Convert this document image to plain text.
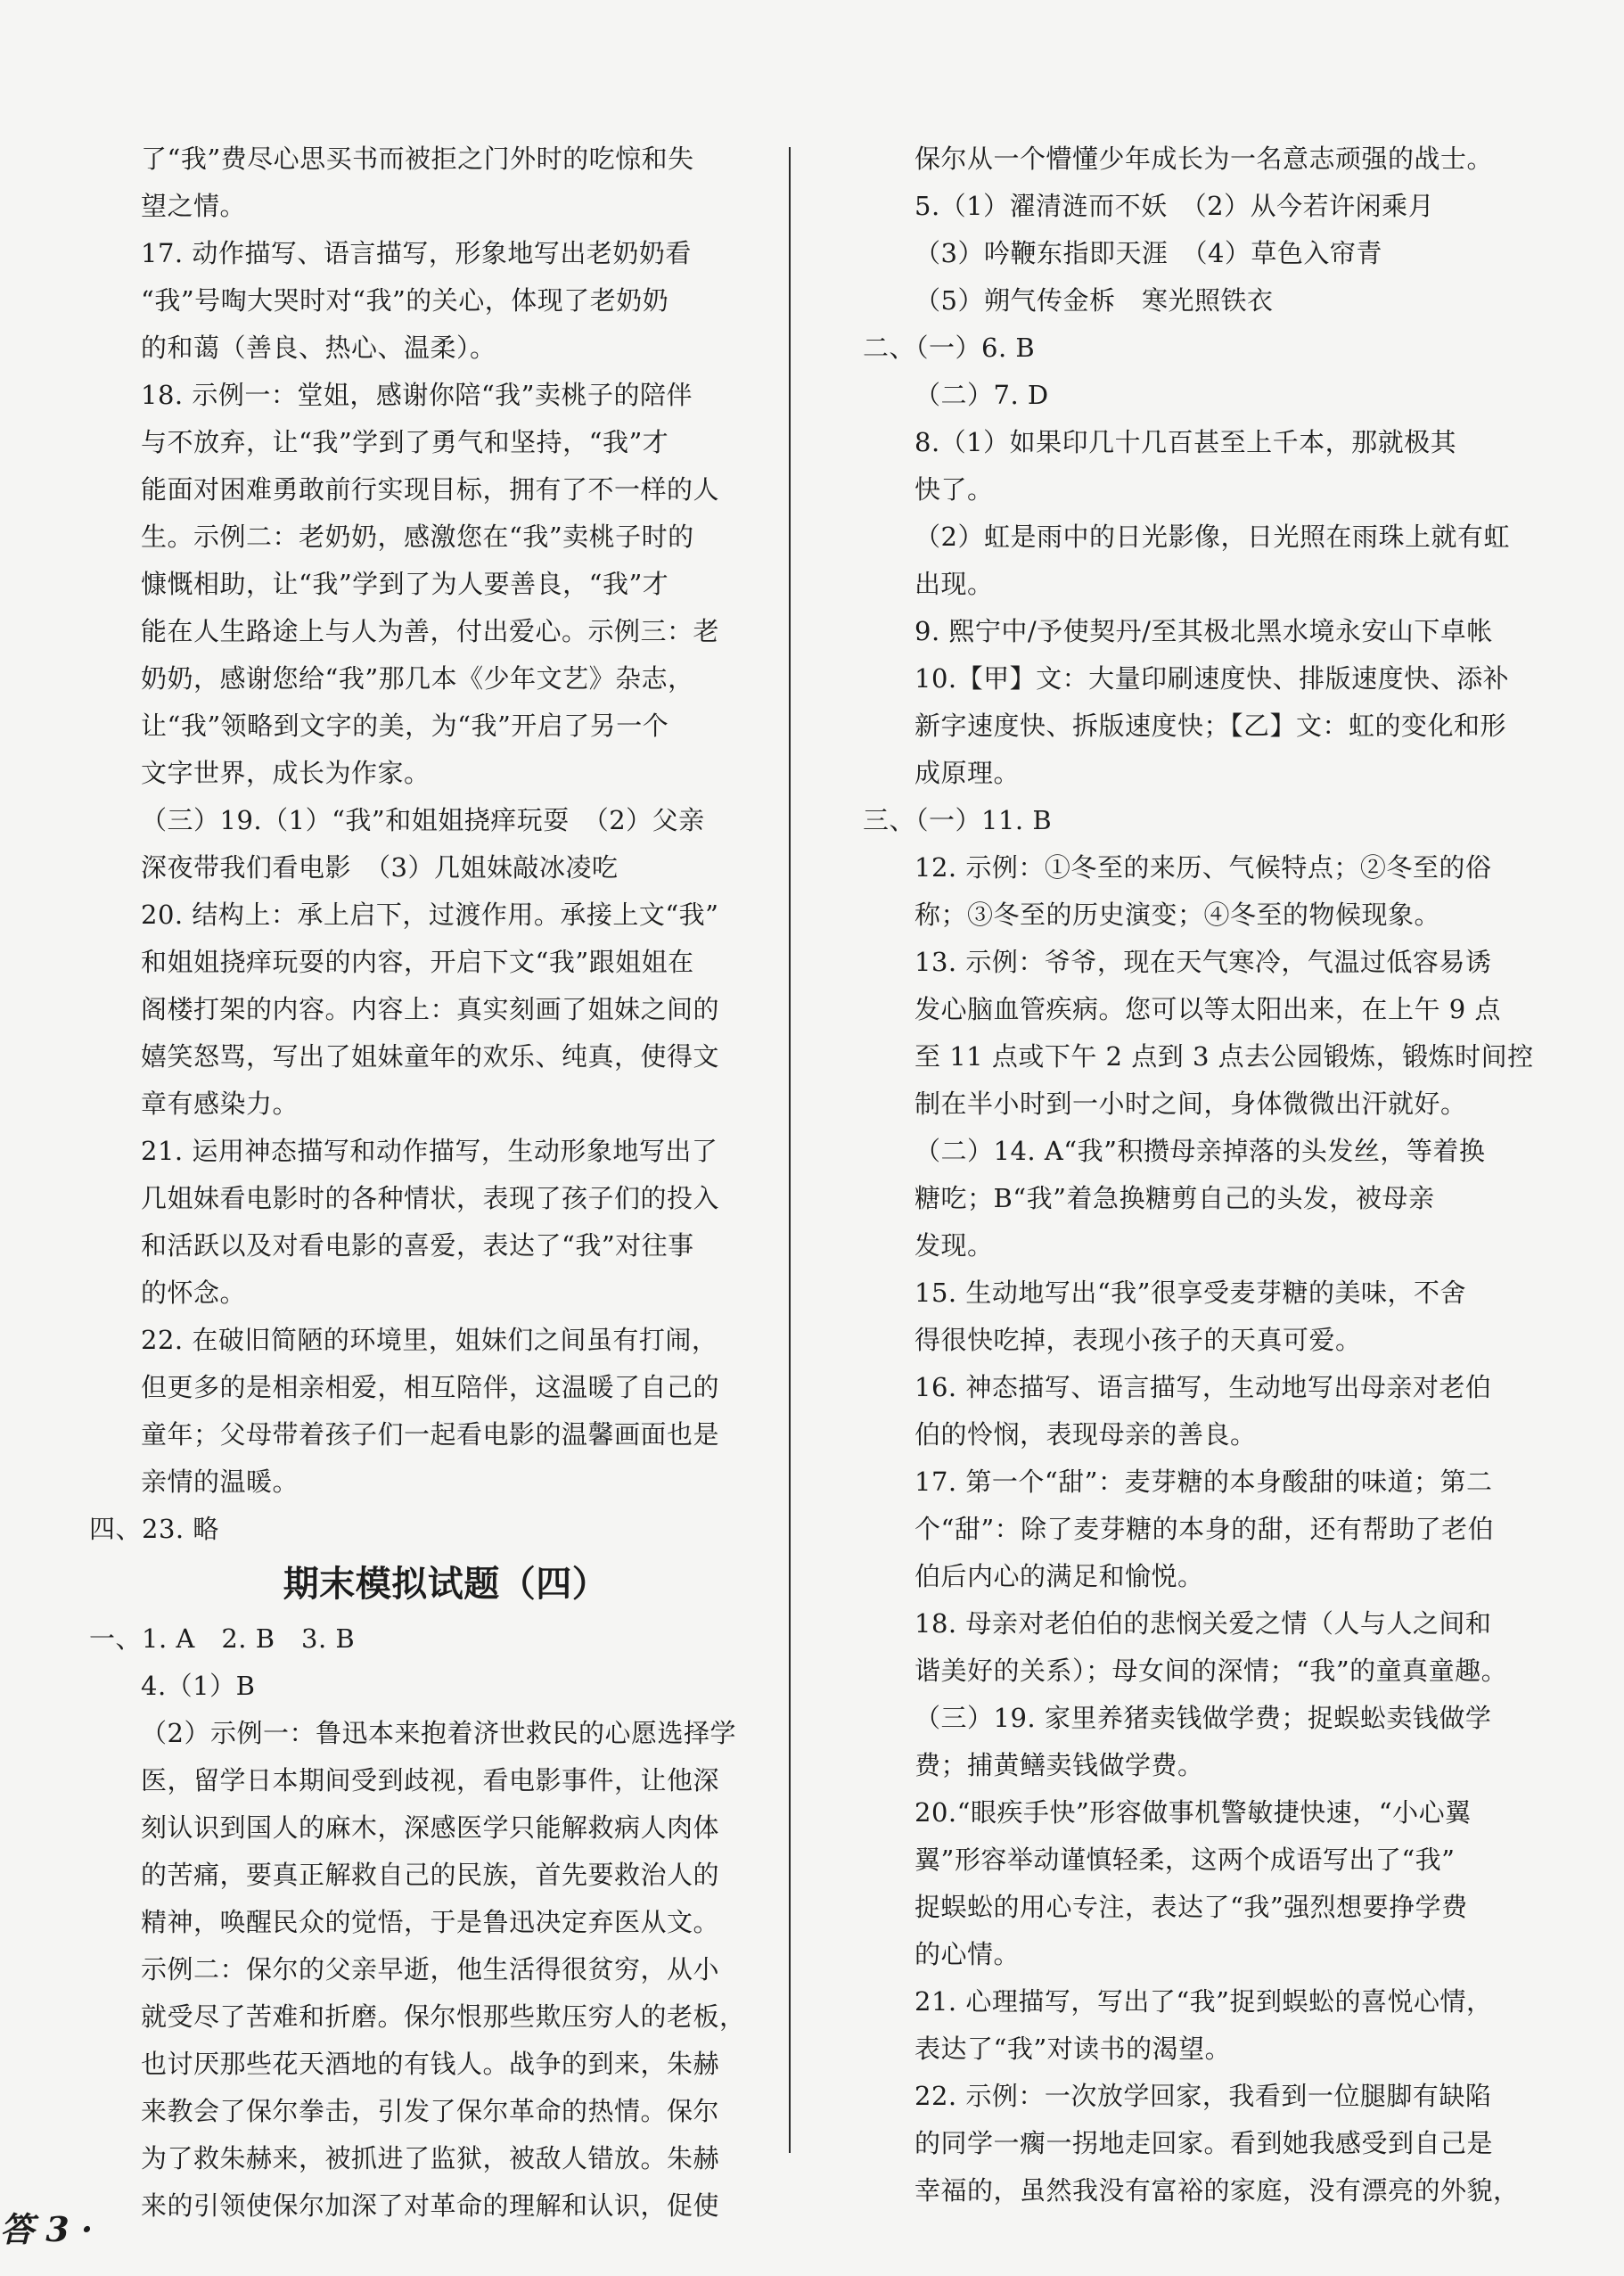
了“我”费尽心思买书而被拒之门外时的吃惊和失
望之情。
17. 动作描写、语言描写，形象地写出老奶奶看
“我”号啕大哭时对“我”的关心，体现了老奶奶
的和蔼（善良、热心、温柔）。
18. 示例一：堂姐，感谢你陪“我”卖桃子的陪伴
与不放弃，让“我”学到了勇气和坚持，“我”才
能面对困难勇敢前行实现目标，拥有了不一样的人
生。示例二：老奶奶，感激您在“我”卖桃子时的
慷慨相助，让“我”学到了为人要善良，“我”才
能在人生路途上与人为善，付出爱心。示例三：老
奶奶，感谢您给“我”那几本《少年文艺》杂志，
让“我”领略到文字的美，为“我”开启了另一个
文字世界，成长为作家。
（三）19.（1）“我”和姐姐挠痒玩耍　（2）父亲
深夜带我们看电影　（3）几姐妹敲冰凌吃
20. 结构上：承上启下，过渡作用。承接上文“我”
和姐姐挠痒玩耍的内容，开启下文“我”跟姐姐在
阁楼打架的内容。内容上：真实刻画了姐妹之间的
嬉笑怒骂，写出了姐妹童年的欢乐、纯真，使得文
章有感染力。
21. 运用神态描写和动作描写，生动形象地写出了
几姐妹看电影时的各种情状，表现了孩子们的投入
和活跃以及对看电影的喜爱，表达了“我”对往事
的怀念。
22. 在破旧简陋的环境里，姐妹们之间虽有打闹，
但更多的是相亲相爱，相互陪伴，这温暖了自己的
童年；父母带着孩子们一起看电影的温馨画面也是
亲情的温暖。
四、23. 略
期末模拟试题（四）
一、1. A　2. B　3. B
4.（1）B
（2）示例一：鲁迅本来抱着济世救民的心愿选择学
医，留学日本期间受到歧视，看电影事件，让他深
刻认识到国人的麻木，深感医学只能解救病人肉体
的苦痛，要真正解救自己的民族，首先要救治人的
精神，唤醒民众的觉悟，于是鲁迅决定弃医从文。
示例二：保尔的父亲早逝，他生活得很贫穷，从小
就受尽了苦难和折磨。保尔恨那些欺压穷人的老板，
也讨厌那些花天酒地的有钱人。战争的到来，朱赫
来教会了保尔拳击，引发了保尔革命的热情。保尔
为了救朱赫来，被抓进了监狱，被敌人错放。朱赫
来的引领使保尔加深了对革命的理解和认识，促使
保尔从一个懵懂少年成长为一名意志顽强的战士。
5.（1）濯清涟而不妖　（2）从今若许闲乘月
（3）吟鞭东指即天涯　（4）草色入帘青
（5）朔气传金柝　寒光照铁衣
二、（一）6. B
（二）7. D
8.（1）如果印几十几百甚至上千本，那就极其
快了。
（2）虹是雨中的日光影像，日光照在雨珠上就有虹
出现。
9. 熙宁中/予使契丹/至其极北黑水境永安山下卓帐
10.【甲】文：大量印刷速度快、排版速度快、添补
新字速度快、拆版速度快；【乙】文：虹的变化和形
成原理。
三、（一）11. B
12. 示例：①冬至的来历、气候特点；②冬至的俗
称；③冬至的历史演变；④冬至的物候现象。
13. 示例：爷爷，现在天气寒冷，气温过低容易诱
发心脑血管疾病。您可以等太阳出来，在上午 9 点
至 11 点或下午 2 点到 3 点去公园锻炼，锻炼时间控
制在半小时到一小时之间，身体微微出汗就好。
（二）14. A“我”积攒母亲掉落的头发丝，等着换
糖吃；B“我”着急换糖剪自己的头发，被母亲
发现。
15. 生动地写出“我”很享受麦芽糖的美味，不舍
得很快吃掉，表现小孩子的天真可爱。
16. 神态描写、语言描写，生动地写出母亲对老伯
伯的怜悯，表现母亲的善良。
17. 第一个“甜”：麦芽糖的本身酸甜的味道；第二
个“甜”：除了麦芽糖的本身的甜，还有帮助了老伯
伯后内心的满足和愉悦。
18. 母亲对老伯伯的悲悯关爱之情（人与人之间和
谐美好的关系）；母女间的深情；“我”的童真童趣。
（三）19. 家里养猪卖钱做学费；捉蜈蚣卖钱做学
费；捕黄鳝卖钱做学费。
20.“眼疾手快”形容做事机警敏捷快速，“小心翼
翼”形容举动谨慎轻柔，这两个成语写出了“我”
捉蜈蚣的用心专注，表达了“我”强烈想要挣学费
的心情。
21. 心理描写，写出了“我”捉到蜈蚣的喜悦心情，
表达了“我”对读书的渴望。
22. 示例：一次放学回家，我看到一位腿脚有缺陷
的同学一瘸一拐地走回家。看到她我感受到自己是
幸福的，虽然我没有富裕的家庭，没有漂亮的外貌，
答 3 ·
